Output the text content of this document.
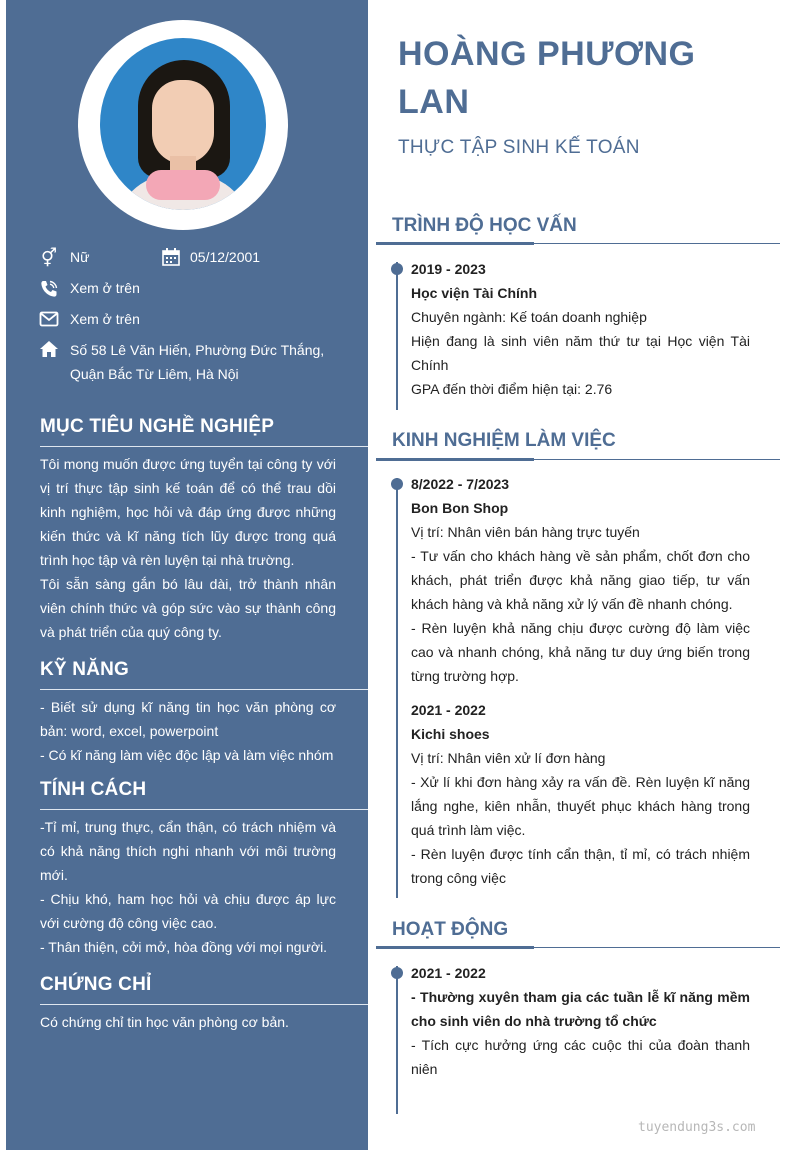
⚥ Nữ	05/12/2001
Xem ở trên
Xem ở trên
Số 58 Lê Văn Hiến, Phường Đức Thắng, Quận Bắc Từ Liêm, Hà Nội
MỤC TIÊU NGHỀ NGHIỆP

Tôi mong muốn được ứng tuyển tại công ty với vị trí thực tập sinh kế toán để có thể trau dồi kinh nghiệm, học hỏi và đáp ứng được những kiến thức và kĩ năng tích lũy được trong quá trình học tập và rèn luyện tại nhà trường.

Tôi sẵn sàng gắn bó lâu dài, trở thành nhân viên chính thức và góp sức vào sự thành công và phát triển của quý công ty.

KỸ NĂNG

- Biết sử dụng kĩ năng tin học văn phòng cơ bản: word, excel, powerpoint

- Có kĩ năng làm việc độc lập và làm việc nhóm

TÍNH CÁCH

-Tỉ mỉ, trung thực, cẩn thận, có trách nhiệm và có khả năng thích nghi nhanh với môi trường mới.

- Chịu khó, ham học hỏi và chịu được áp lực với cường độ công việc cao.

- Thân thiện, cởi mở, hòa đồng với mọi người.

CHỨNG CHỈ
Có chứng chỉ tin học văn phòng cơ bản.
HOÀNG PHƯƠNG
LAN
THỰC TẬP SINH KẾ TOÁN
TRÌNH ĐỘ HỌC VẤN

2019 - 2023

Học viện Tài Chính

Chuyên ngành: Kế toán doanh nghiệp

Hiện đang là sinh viên năm thứ tư tại Học viện Tài Chính

GPA đến thời điểm hiện tại: 2.76

KINH NGHIỆM LÀM VIỆC

8/2022 - 7/2023

Bon Bon Shop

Vị trí: Nhân viên bán hàng trực tuyến

- Tư vấn cho khách hàng về sản phẩm, chốt đơn cho khách, phát triển được khả năng giao tiếp, tư vấn khách hàng và khả năng xử lý vấn đề nhanh chóng.

- Rèn luyện khả năng chịu được cường độ làm việc cao và nhanh chóng, khả năng tư duy ứng biến trong từng trường hợp.

2021 - 2022

Kichi shoes

Vị trí: Nhân viên xử lí đơn hàng

- Xử lí khi đơn hàng xảy ra vấn đề. Rèn luyện kĩ năng lắng nghe, kiên nhẫn, thuyết phục khách hàng trong quá trình làm việc.

- Rèn luyện được tính cẩn thận, tỉ mỉ, có trách nhiệm trong công việc

HOẠT ĐỘNG

2021 - 2022

- Thường xuyên tham gia các tuần lễ kĩ năng mềm cho sinh viên do nhà trường tổ chức

- Tích cực hưởng ứng các cuộc thi của đoàn thanh niên

tuyendung3s.com
